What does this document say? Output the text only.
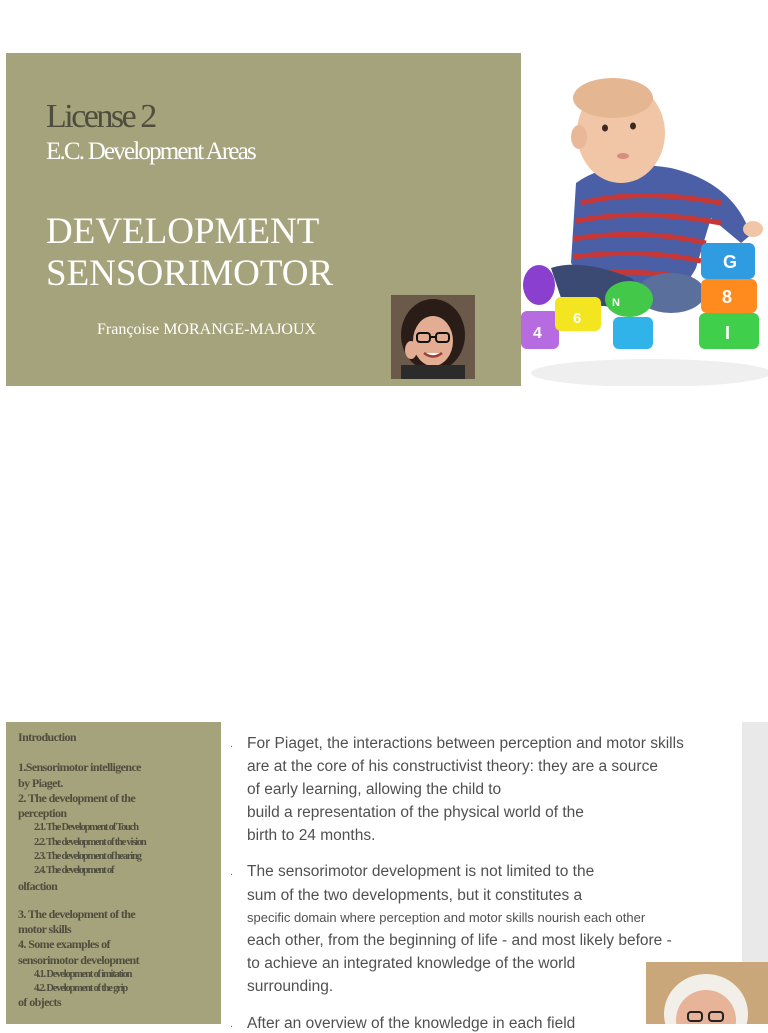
License 2
E.C. Development Areas
DEVELOPMENT
SENSORIMOTOR
Françoise MORANGE-MAJOUX
G
8
I
4
6
N
Introduction
1.Sensorimotor intelligence
by Piaget.
2. The development of the
perception
2.1. The Development of Touch
2.2. The development of the vision
2.3. The development of hearing
2.4. The development of
olfaction
3. The development of the
motor skills
4. Some examples of
sensorimotor development
4.1. Development of imitation
4.2. Development of the grip
of objects
. For Piaget, the interactions between perception and motor skills
are at the core of his constructivist theory: they are a source
of early learning, allowing the child to
build a representation of the physical world of the
birth to 24 months.
. The sensorimotor development is not limited to the
sum of the two developments, but it constitutes a
specific domain where perception and motor skills nourish each other
each other, from the beginning of life - and most likely before -
to achieve an integrated knowledge of the world
surrounding.
. After an overview of the knowledge in each field
